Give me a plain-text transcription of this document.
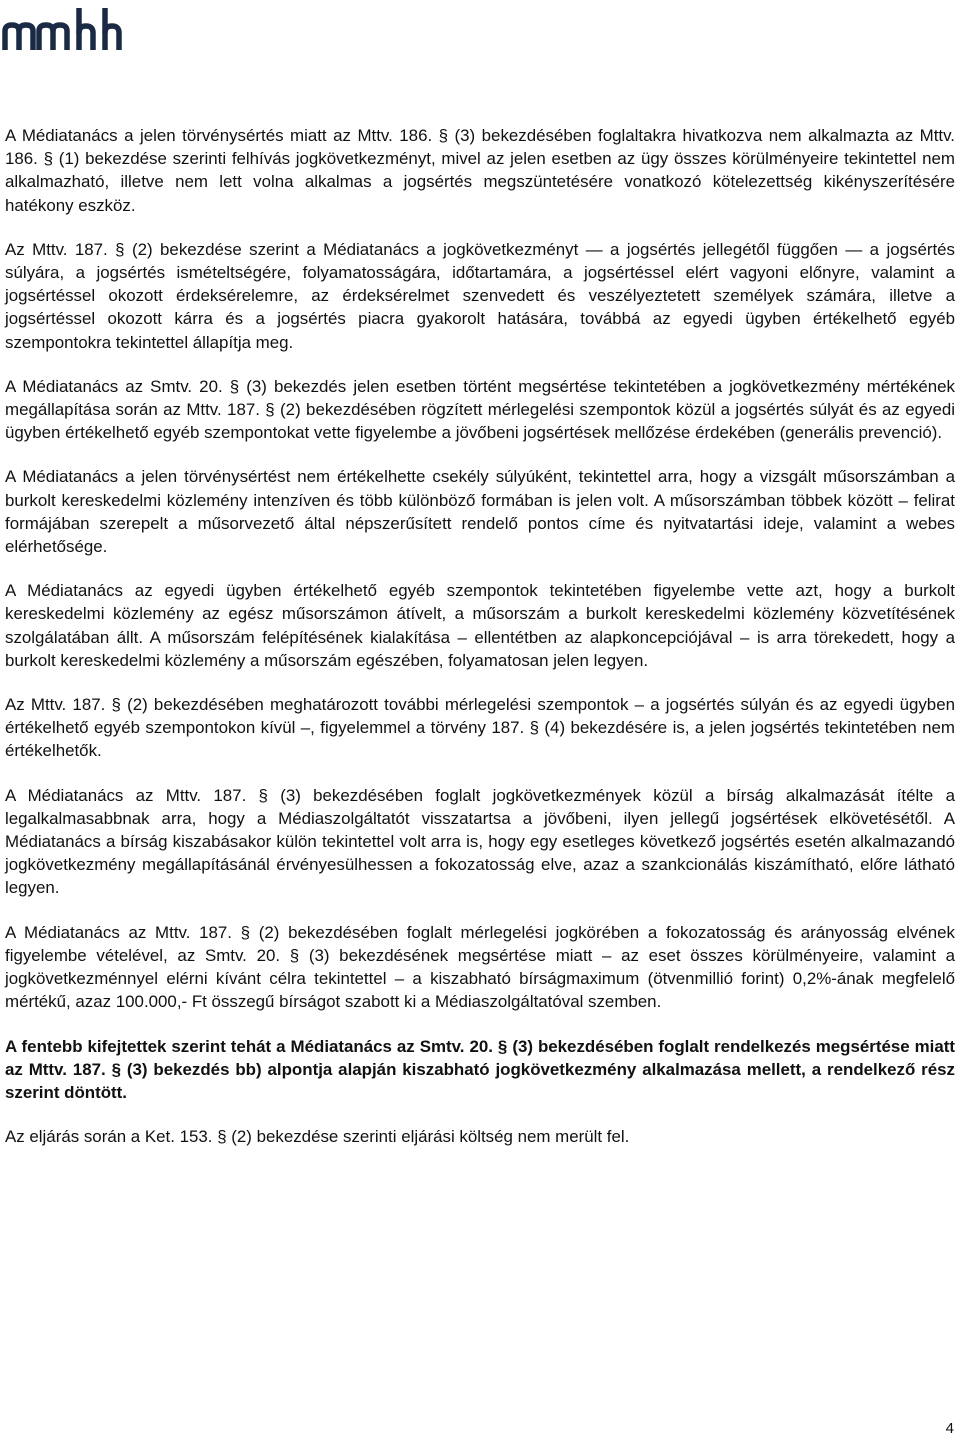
A Médiatanács a jelen törvénysértés miatt az Mttv. 186. § (3) bekezdésében foglaltakra hivatkozva nem alkalmazta az Mttv. 186. § (1) bekezdése szerinti felhívás jogkövetkezményt, mivel az jelen esetben az ügy összes körülményeire tekintettel nem alkalmazható, illetve nem lett volna alkalmas a jogsértés megszüntetésére vonatkozó kötelezettség kikényszerítésére hatékony eszköz.

Az Mttv. 187. § (2) bekezdése szerint a Médiatanács a jogkövetkezményt — a jogsértés jellegétől függően — a jogsértés súlyára, a jogsértés ismételtségére, folyamatosságára, időtartamára, a jogsértéssel elért vagyoni előnyre, valamint a jogsértéssel okozott érdeksérelemre, az érdeksérelmet szenvedett és veszélyeztetett személyek számára, illetve a jogsértéssel okozott kárra és a jogsértés piacra gyakorolt hatására, továbbá az egyedi ügyben értékelhető egyéb szempontokra tekintettel állapítja meg.

A Médiatanács az Smtv. 20. § (3) bekezdés jelen esetben történt megsértése tekintetében a jogkövetkezmény mértékének megállapítása során az Mttv. 187. § (2) bekezdésében rögzített mérlegelési szempontok közül a jogsértés súlyát és az egyedi ügyben értékelhető egyéb szempontokat vette figyelembe a jövőbeni jogsértések mellőzése érdekében (generális prevenció).

A Médiatanács a jelen törvénysértést nem értékelhette csekély súlyúként, tekintettel arra, hogy a vizsgált műsorszámban a burkolt kereskedelmi közlemény intenzíven és több különböző formában is jelen volt. A műsorszámban többek között – felirat formájában szerepelt a műsorvezető által népszerűsített rendelő pontos címe és nyitvatartási ideje, valamint a webes elérhetősége.

A Médiatanács az egyedi ügyben értékelhető egyéb szempontok tekintetében figyelembe vette azt, hogy a burkolt kereskedelmi közlemény az egész műsorszámon átívelt, a műsorszám a burkolt kereskedelmi közlemény közvetítésének szolgálatában állt. A műsorszám felépítésének kialakítása – ellentétben az alapkoncepciójával – is arra törekedett, hogy a burkolt kereskedelmi közlemény a műsorszám egészében, folyamatosan jelen legyen.

Az Mttv. 187. § (2) bekezdésében meghatározott további mérlegelési szempontok – a jogsértés súlyán és az egyedi ügyben értékelhető egyéb szempontokon kívül –, figyelemmel a törvény 187. § (4) bekezdésére is, a jelen jogsértés tekintetében nem értékelhetők.

A Médiatanács az Mttv. 187. § (3) bekezdésében foglalt jogkövetkezmények közül a bírság alkalmazását ítélte a legalkalmasabbnak arra, hogy a Médiaszolgáltatót visszatartsa a jövőbeni, ilyen jellegű jogsértések elkövetésétől. A Médiatanács a bírság kiszabásakor külön tekintettel volt arra is, hogy egy esetleges következő jogsértés esetén alkalmazandó jogkövetkezmény megállapításánál érvényesülhessen a fokozatosság elve, azaz a szankcionálás kiszámítható, előre látható legyen.

A Médiatanács az Mttv. 187. § (2) bekezdésében foglalt mérlegelési jogkörében a fokozatosság és arányosság elvének figyelembe vételével, az Smtv. 20. § (3) bekezdésének megsértése miatt – az eset összes körülményeire, valamint a jogkövetkezménnyel elérni kívánt célra tekintettel – a kiszabható bírságmaximum (ötvenmillió forint) 0,2%-ának megfelelő mértékű, azaz 100.000,- Ft összegű bírságot szabott ki a Médiaszolgáltatóval szemben.

A fentebb kifejtettek szerint tehát a Médiatanács az Smtv. 20. § (3) bekezdésében foglalt rendelkezés megsértése miatt az Mttv. 187. § (3) bekezdés bb) alpontja alapján kiszabható jogkövetkezmény alkalmazása mellett, a rendelkező rész szerint döntött.

Az eljárás során a Ket. 153. § (2) bekezdése szerinti eljárási költség nem merült fel.

4
